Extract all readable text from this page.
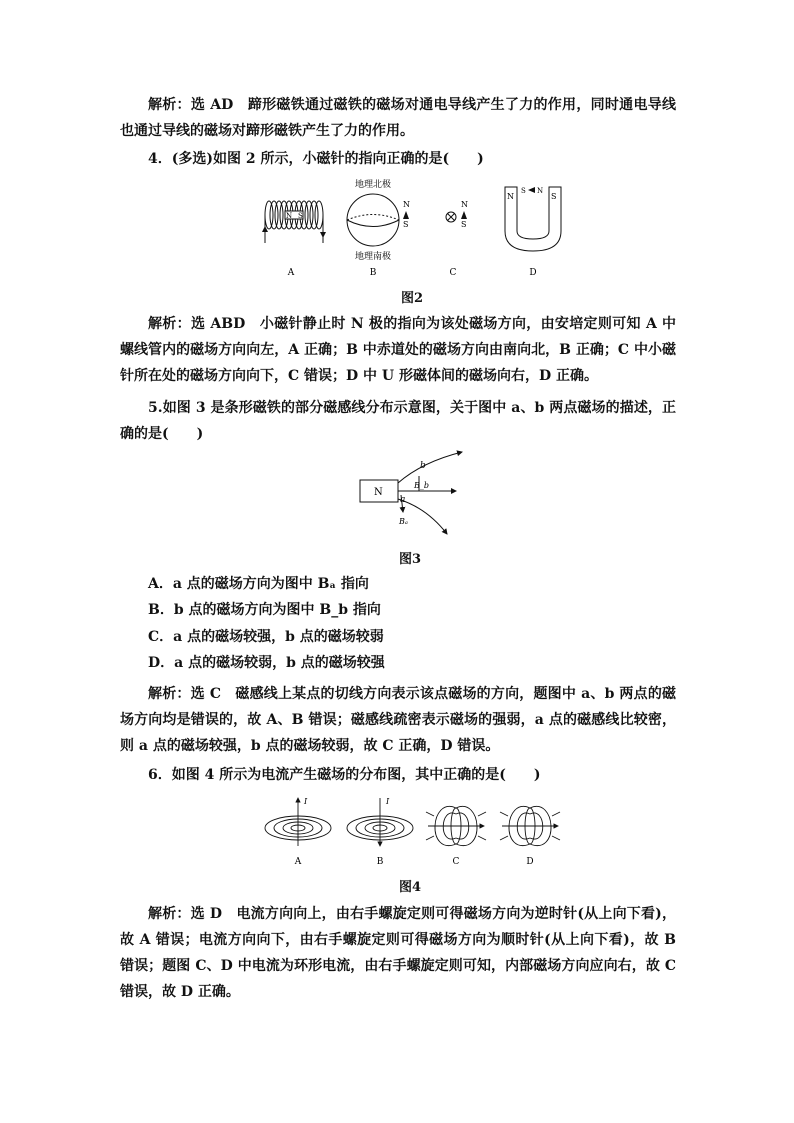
解析：选 AD　蹄形磁铁通过磁铁的磁场对通电导线产生了力的作用，同时通电导线也通过导线的磁场对蹄形磁铁产生了力的作用。

4．(多选)如图 2 所示，小磁针的指向正确的是(　　)

N S
A
地理北极
地理南极
N
S
B
N
S
C
N	S
S N
D
图2

解析：选 ABD　小磁针静止时 N 极的指向为该处磁场方向，由安培定则可知 A 中螺线管内的磁场方向向左，A 正确；B 中赤道处的磁场方向由南向北，B 正确；C 中小磁针所在处的磁场方向向下，C 错误；D 中 U 形磁体间的磁场向右，D 正确。

5.如图 3 是条形磁铁的部分磁感线分布示意图，关于图中 a、b 两点磁场的描述，正确的是(　　)

N
b
B_b
a
Bₐ
图3

A．a 点的磁场方向为图中 Bₐ 指向

B．b 点的磁场方向为图中 B_b 指向

C．a 点的磁场较强，b 点的磁场较弱

D．a 点的磁场较弱，b 点的磁场较强

解析：选 C　磁感线上某点的切线方向表示该点磁场的方向，题图中 a、b 两点的磁场方向均是错误的，故 A、B 错误；磁感线疏密表示磁场的强弱，a 点的磁感线比较密，则 a 点的磁场较强，b 点的磁场较弱，故 C 正确，D 错误。

6．如图 4 所示为电流产生磁场的分布图，其中正确的是(　　)

I
A
I
B	C	D
图4

解析：选 D　电流方向向上，由右手螺旋定则可得磁场方向为逆时针(从上向下看)，故 A 错误；电流方向向下，由右手螺旋定则可得磁场方向为顺时针(从上向下看)，故 B 错误；题图 C、D 中电流为环形电流，由右手螺旋定则可知，内部磁场方向应向右，故 C 错误，故 D 正确。
